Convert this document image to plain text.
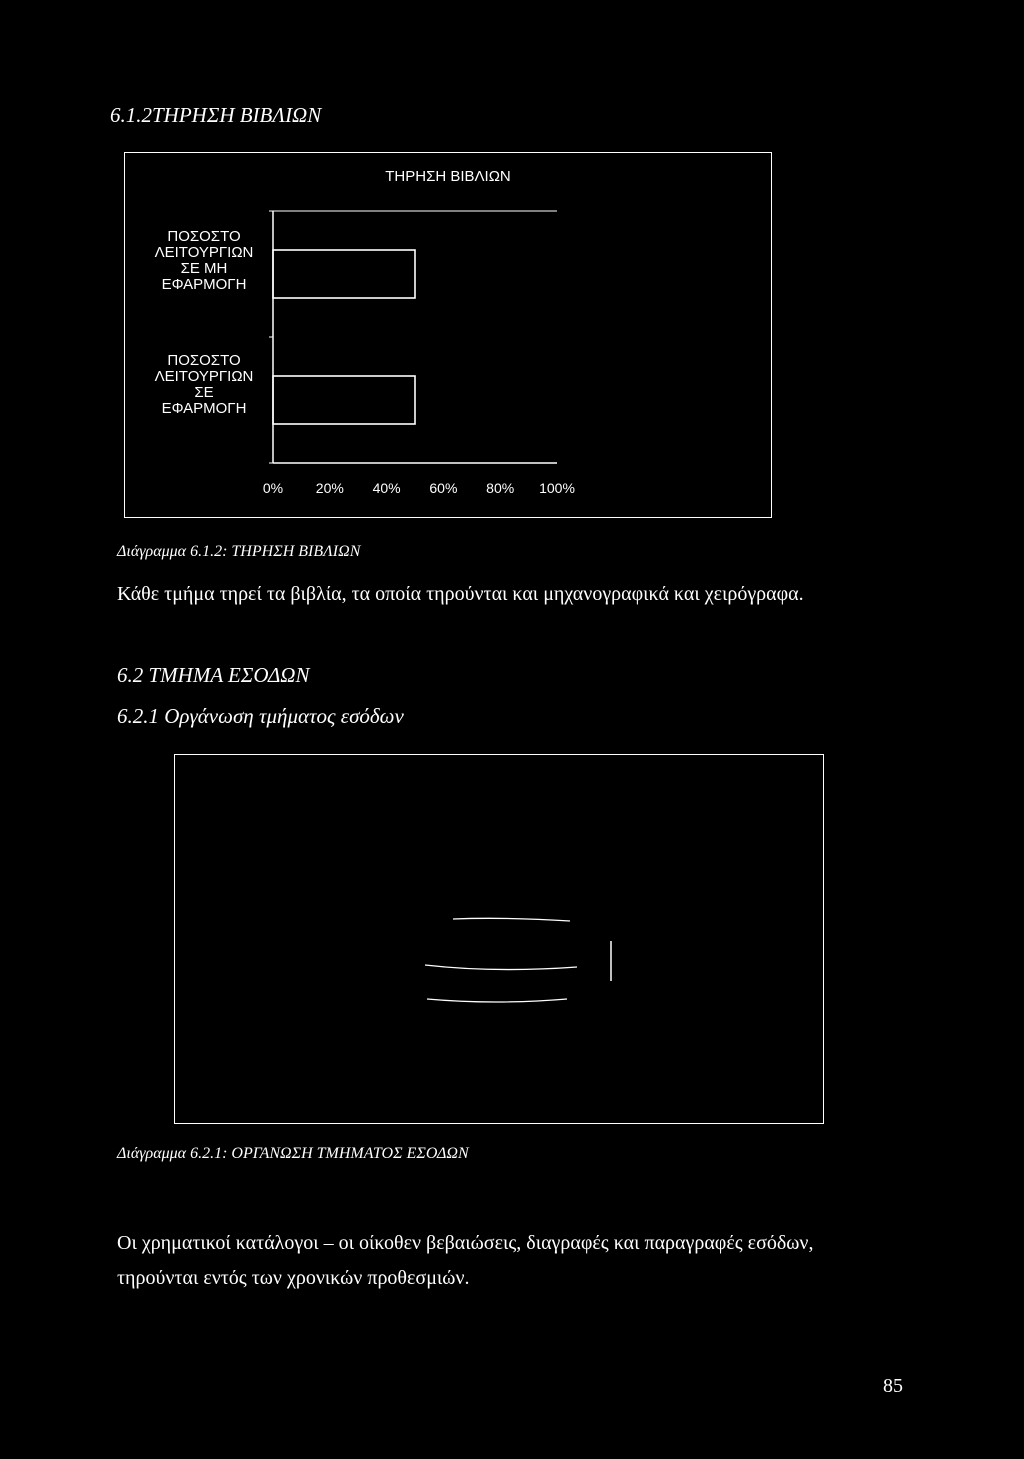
6.1.2ΤΗΡΗΣΗ ΒΙΒΛΙΩΝ
ΤΗΡΗΣΗ ΒΙΒΛΙΩΝ
ΠΟΣΟΣΤΟ
ΛΕΙΤΟΥΡΓΙΩΝ
ΣΕ ΜΗ
ΕΦΑΡΜΟΓΗ
ΠΟΣΟΣΤΟ
ΛΕΙΤΟΥΡΓΙΩΝ
ΣΕ
ΕΦΑΡΜΟΓΗ
0% 20% 40% 60% 80% 100%
Διάγραμμα 6.1.2: ΤΗΡΗΣΗ ΒΙΒΛΙΩΝ
Κάθε τμήμα τηρεί τα βιβλία, τα οποία τηρούνται και μηχανογραφικά και χειρόγραφα.
6.2 ΤΜΗΜΑ ΕΣΟΔΩΝ
6.2.1 Οργάνωση τμήματος εσόδων
Διάγραμμα 6.2.1: ΟΡΓΑΝΩΣΗ ΤΜΗΜΑΤΟΣ ΕΣΟΔΩΝ
Οι χρηματικοί κατάλογοι – οι οίκοθεν βεβαιώσεις, διαγραφές και παραγραφές εσόδων,
τηρούνται εντός των χρονικών προθεσμιών.
85
